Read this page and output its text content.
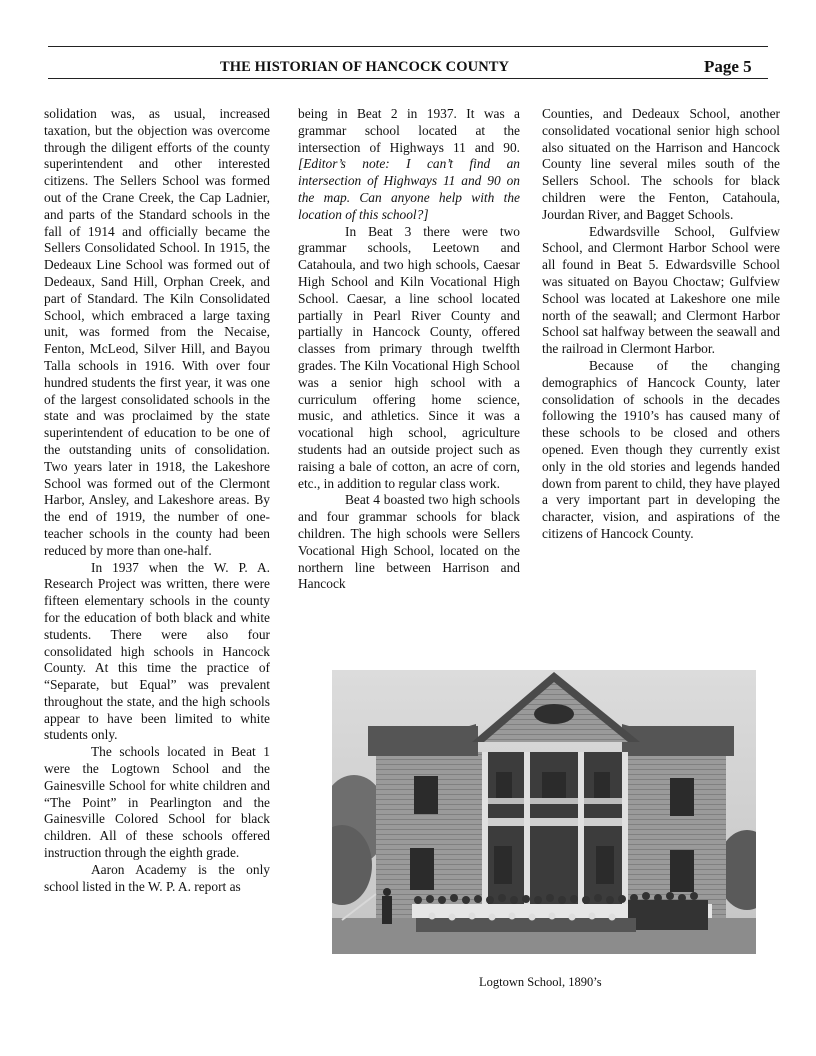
THE HISTORIAN OF HANCOCK COUNTY	Page 5

solidation was, as usual, increased taxation, but the objection was overcome through the diligent efforts of the county superintendent and other interested citizens. The Sellers School was formed out of the Crane Creek, the Cap Ladnier, and parts of the Standard schools in the fall of 1914 and officially became the Sellers Consolidated School. In 1915, the Dedeaux Line School was formed out of Dedeaux, Sand Hill, Orphan Creek, and part of Standard. The Kiln Consolidated School, which embraced a large taxing unit, was formed from the Necaise, Fenton, McLeod, Silver Hill, and Bayou Talla schools in 1916. With over four hundred students the first year, it was one of the largest consolidated schools in the state and was proclaimed by the state superintendent of education to be one of the outstanding units of consolidation. Two years later in 1918, the Lakeshore School was formed out of the Clermont Harbor, Ansley, and Lakeshore areas. By the end of 1919, the number of one-teacher schools in the county had been reduced by more than one-half.

In 1937 when the W. P. A. Research Project was written, there were fifteen elementary schools in the county for the education of both black and white students. There were also four consolidated high schools in Hancock County. At this time the practice of “Separate, but Equal” was prevalent throughout the state, and the high schools appear to have been limited to white students only.

The schools located in Beat 1 were the Logtown School and the Gainesville School for white children and “The Point” in Pearlington and the Gainesville Colored School for black children. All of these schools offered instruction through the eighth grade.

Aaron Academy is the only school listed in the W. P. A. report as

being in Beat 2 in 1937. It was a grammar school located at the intersection of Highways 11 and 90. [Editor’s note: I can’t find an intersection of Highways 11 and 90 on the map. Can anyone help with the location of this school?]

In Beat 3 there were two grammar schools, Leetown and Catahoula, and two high schools, Caesar High School and Kiln Vocational High School. Caesar, a line school located partially in Pearl River County and partially in Hancock County, offered classes from primary through twelfth grades. The Kiln Vocational High School was a senior high school with a curriculum offering home science, music, and athletics. Since it was a vocational high school, agriculture students had an outside project such as raising a bale of cotton, an acre of corn, etc., in addition to regular class work.

Beat 4 boasted two high schools and four grammar schools for black children. The high schools were Sellers Vocational High School, located on the northern line between Harrison and Hancock

Counties, and Dedeaux School, another consolidated vocational senior high school also situated on the Harrison and Hancock County line several miles south of the Sellers School. The schools for black children were the Fenton, Catahoula, Jourdan River, and Bagget Schools.

Edwardsville School, Gulfview School, and Clermont Harbor School were all found in Beat 5. Edwardsville School was situated on Bayou Choctaw; Gulfview School was located at Lakeshore one mile north of the seawall; and Clermont Harbor School sat halfway between the seawall and the railroad in Clermont Harbor.

Because of the changing demographics of Hancock County, later consolidation of schools in the decades following the 1910’s has caused many of these schools to be closed and others opened. Even though they currently exist only in the old stories and legends handed down from parent to child, they have played a very important part in developing the character, vision, and aspirations of the citizens of Hancock County.

Logtown School, 1890’s
